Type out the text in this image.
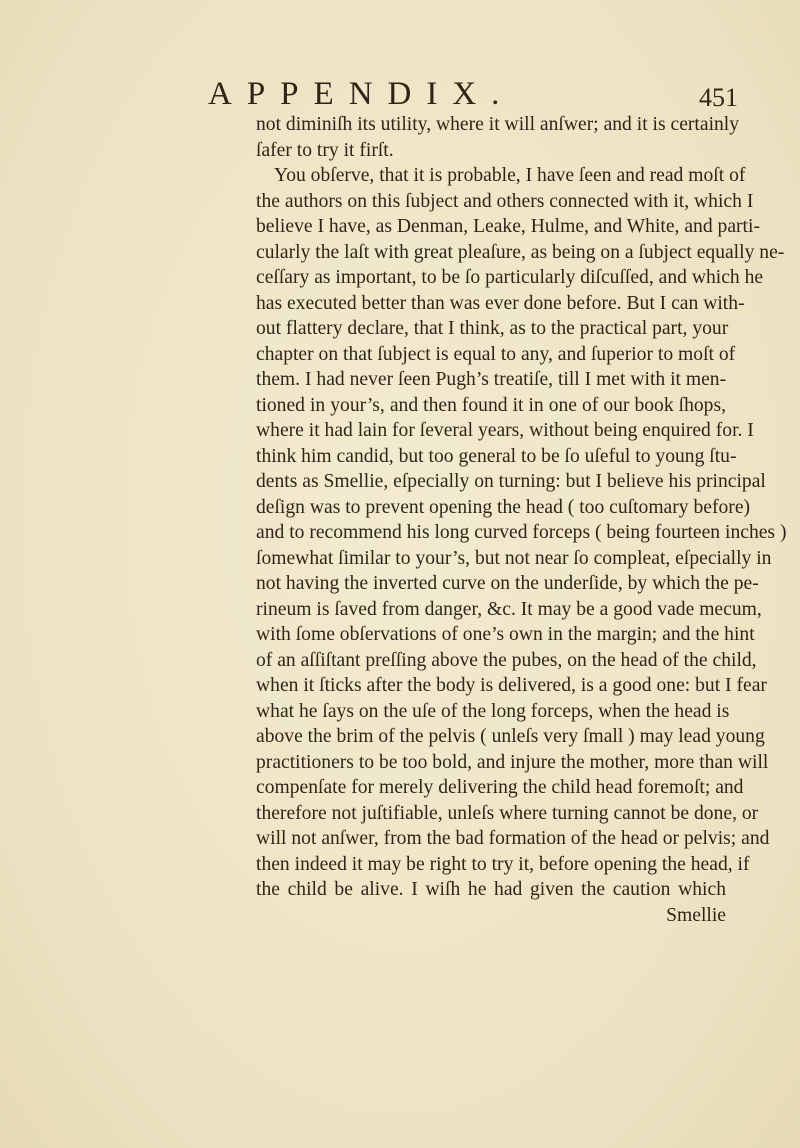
APPENDIX.	451
not diminiſh its utility, where it will anſwer; and it is certainly
ſafer to try it firſt.
You obſerve, that it is probable, I have ſeen and read moſt of
the authors on this ſubject and others connected with it, which I
believe I have, as Denman, Leake, Hulme, and White, and parti-
cularly the laſt with great pleaſure, as being on a ſubject equally ne-
ceſſary as important, to be ſo particularly diſcuſſed, and which he
has executed better than was ever done before. But I can with-
out flattery declare, that I think, as to the practical part, your
chapter on that ſubject is equal to any, and ſuperior to moſt of
them. I had never ſeen Pugh’s treatiſe, till I met with it men-
tioned in your’s, and then found it in one of our book ſhops,
where it had lain for ſeveral years, without being enquired for. I
think him candid, but too general to be ſo uſeful to young ſtu-
dents as Smellie, eſpecially on turning: but I believe his principal
deſign was to prevent opening the head ( too cuſtomary before)
and to recommend his long curved forceps ( being fourteen inches )
ſomewhat ſimilar to your’s, but not near ſo compleat, eſpecially in
not having the inverted curve on the underſide, by which the pe-
rineum is ſaved from danger, &c. It may be a good vade mecum,
with ſome obſervations of one’s own in the margin; and the hint
of an aſſiſtant preſſing above the pubes, on the head of the child,
when it ſticks after the body is delivered, is a good one: but I fear
what he ſays on the uſe of the long forceps, when the head is
above the brim of the pelvis ( unleſs very ſmall ) may lead young
practitioners to be too bold, and injure the mother, more than will
compenſate for merely delivering the child head foremoſt; and
therefore not juſtifiable, unleſs where turning cannot be done, or
will not anſwer, from the bad formation of the head or pelvis; and
then indeed it may be right to try it, before opening the head, if
the child be alive. I wiſh he had given the caution which
Smellie
